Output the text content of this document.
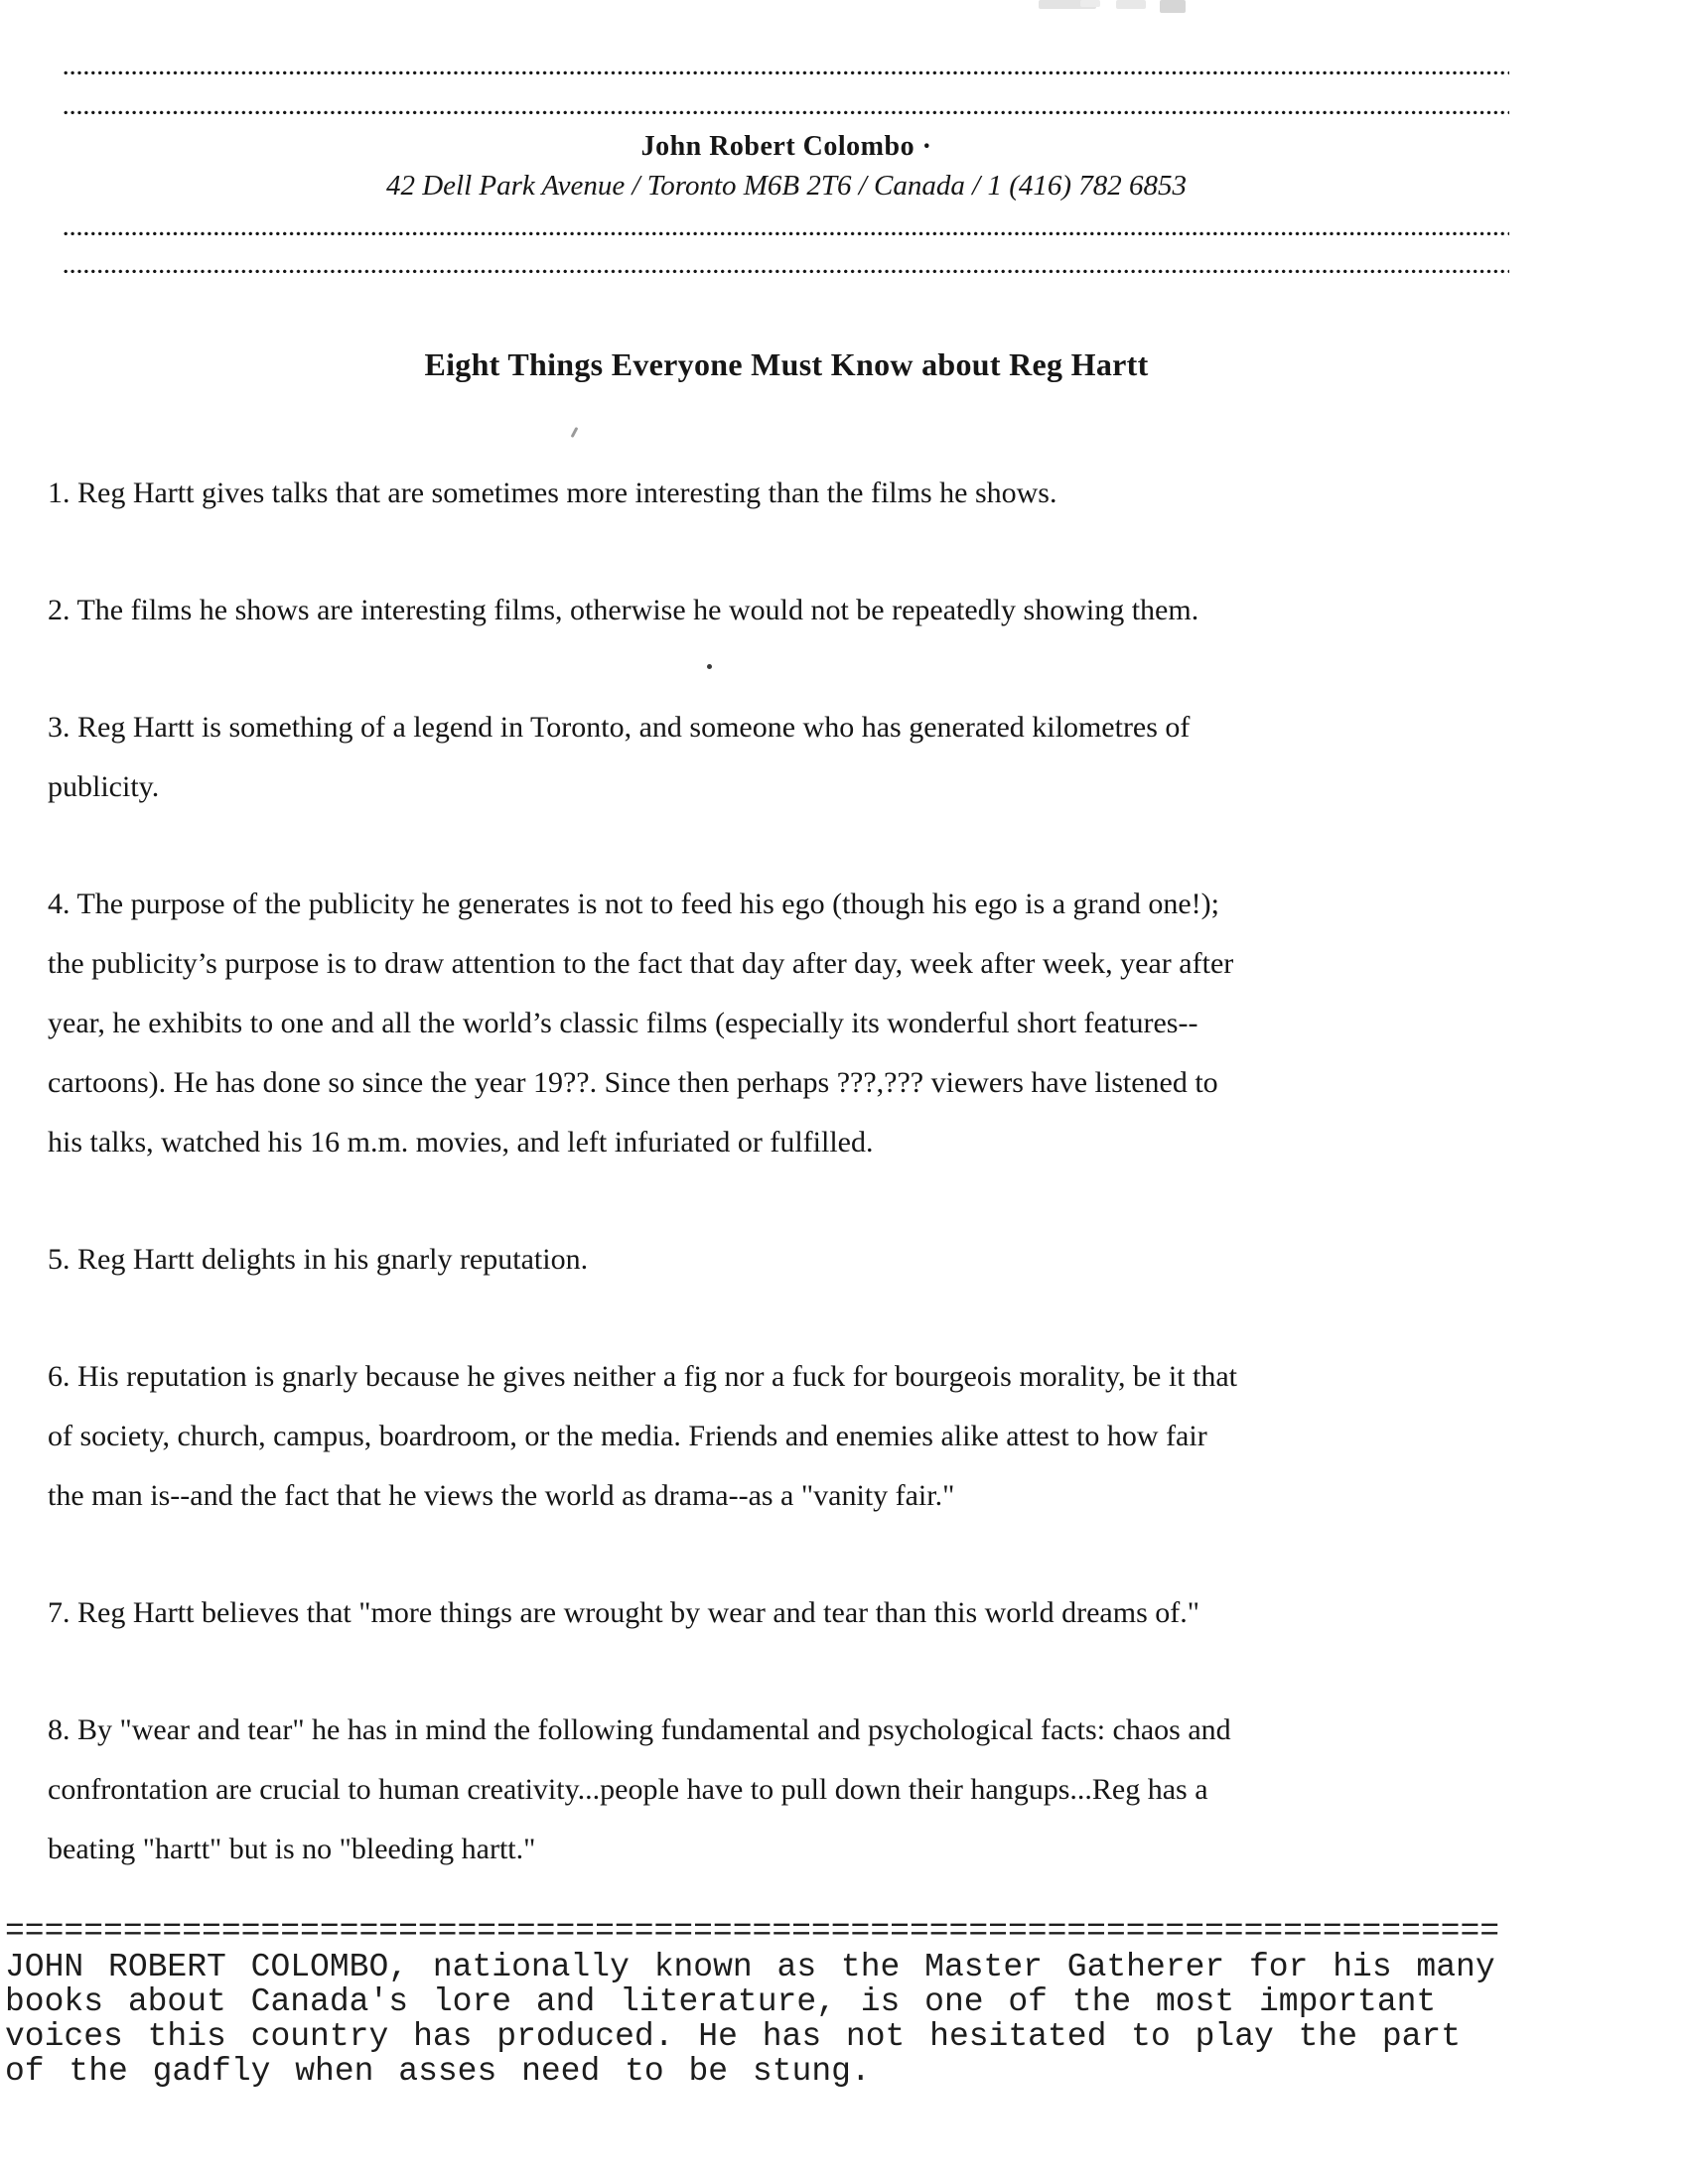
John Robert Colombo ·
42 Dell Park Avenue / Toronto M6B 2T6 / Canada / 1 (416) 782 6853
Eight Things Everyone Must Know about Reg Hartt
1. Reg Hartt gives talks that are sometimes more interesting than the films he shows.
2. The films he shows are interesting films, otherwise he would not be repeatedly showing them.
3. Reg Hartt is something of a legend in Toronto, and someone who has generated kilometres of
publicity.
4. The purpose of the publicity he generates is not to feed his ego (though his ego is a grand one!);
the publicity’s purpose is to draw attention to the fact that day after day, week after week, year after
year, he exhibits to one and all the world’s classic films (especially its wonderful short features--
cartoons). He has done so since the year 19??. Since then perhaps ???,??? viewers have listened to
his talks, watched his 16 m.m. movies, and left infuriated or fulfilled.
5. Reg Hartt delights in his gnarly reputation.
6. His reputation is gnarly because he gives neither a fig nor a fuck for bourgeois morality, be it that
of society, church, campus, boardroom, or the media. Friends and enemies alike attest to how fair
the man is--and the fact that he views the world as drama--as a "vanity fair."
7. Reg Hartt believes that "more things are wrought by wear and tear than this world dreams of."
8. By "wear and tear" he has in mind the following fundamental and psychological facts: chaos and
confrontation are crucial to human creativity...people have to pull down their hangups...Reg has a
beating "hartt" but is no "bleeding hartt."
============================================================================
JOHN ROBERT COLOMBO, nationally known as the Master Gatherer for his many
books about Canada's lore and literature, is one of the most important
voices this country has produced. He has not hesitated to play the part
of the gadfly when asses need to be stung.
